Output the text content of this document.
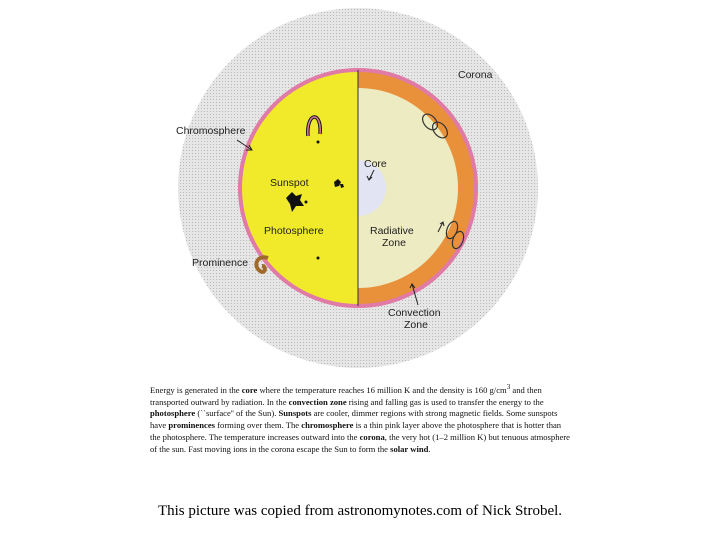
Corona
Chromosphere
Sunspot
Photosphere
Prominence
Core
Radiative
Zone
Convection
Zone

Energy is generated in the core where the temperature reaches 16 million K and the density is 160 $g/cm^3$ and then transported outward by radiation. In the convection zone rising and falling gas is used to transfer the energy to the photosphere (``surface'' of the Sun). Sunspots are cooler, dimmer regions with strong magnetic fields. Some sunspots have prominences forming over them. The chromosphere is a thin pink layer above the photosphere that is hotter than the photosphere. The temperature increases outward into the corona, the very hot (1–2 million K) but tenuous atmosphere of the sun. Fast moving ions in the corona escape the Sun to form the solar wind.

This picture was copied from astronomynotes.com of Nick Strobel.
